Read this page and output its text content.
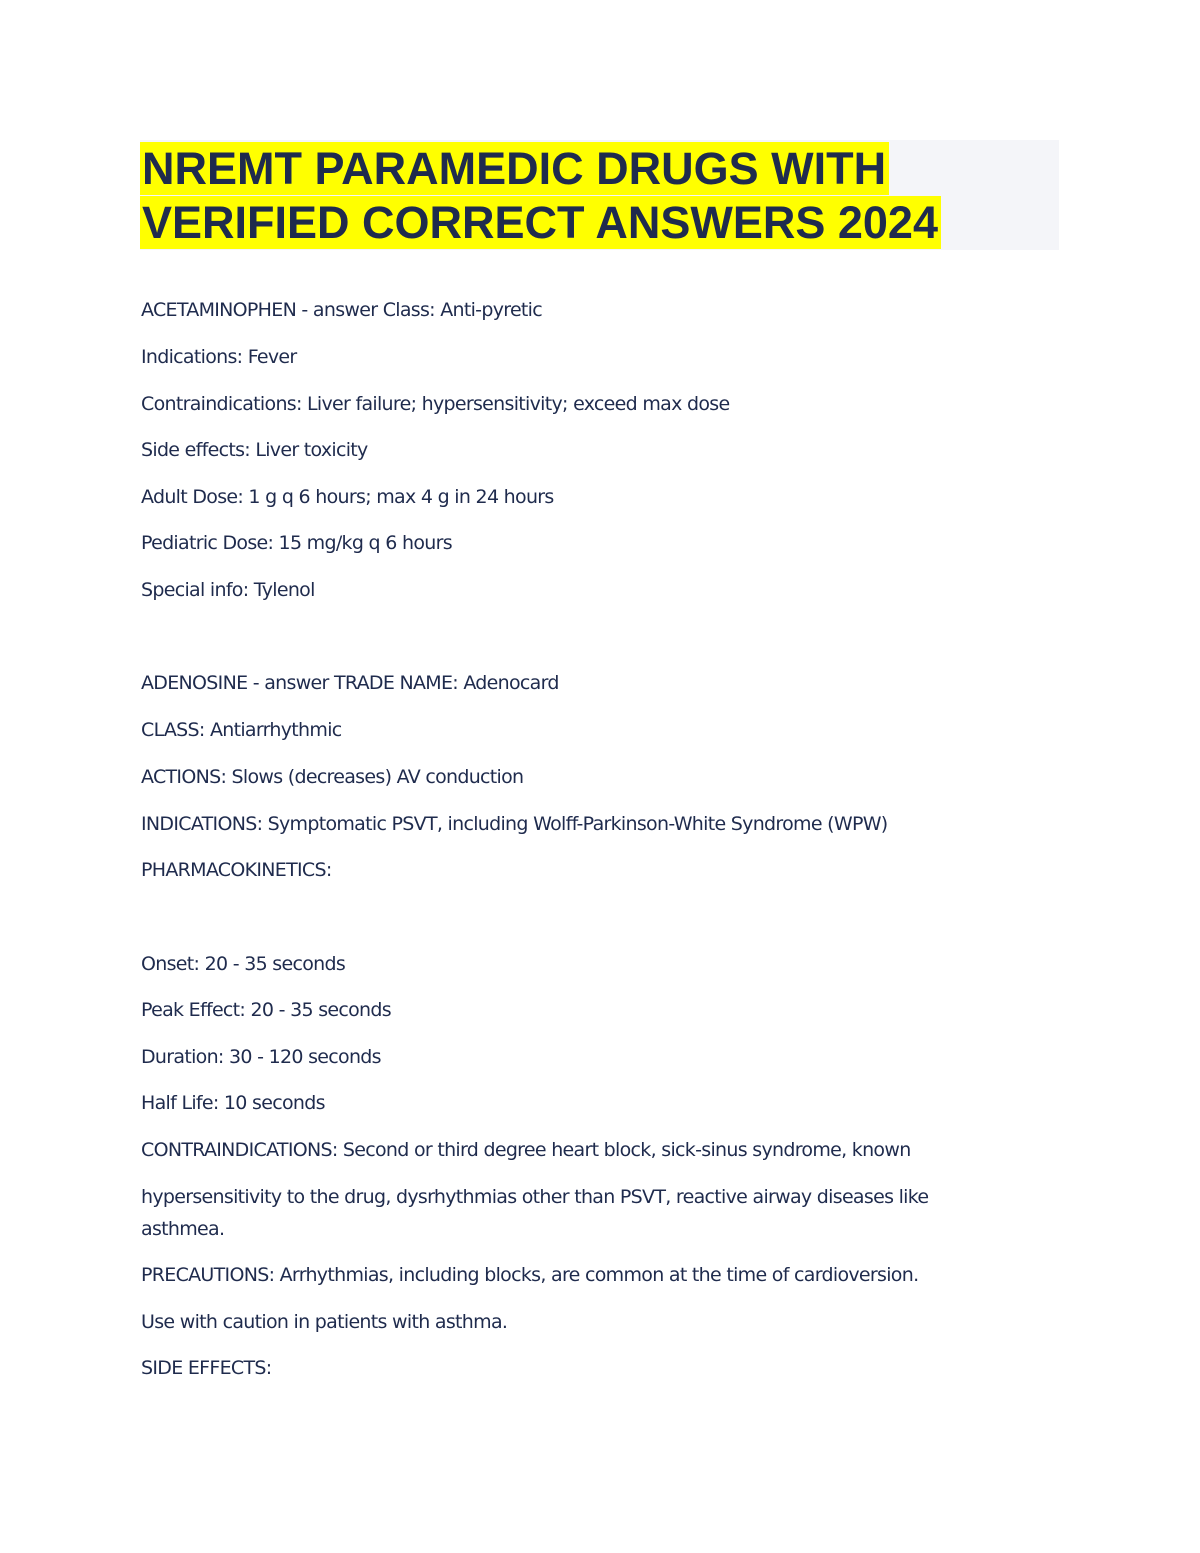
NREMT PARAMEDIC DRUGS WITH
VERIFIED CORRECT ANSWERS 2024
ACETAMINOPHEN - answer Class: Anti-pyretic
Indications: Fever
Contraindications: Liver failure; hypersensitivity; exceed max dose
Side effects: Liver toxicity
Adult Dose: 1 g q 6 hours; max 4 g in 24 hours
Pediatric Dose: 15 mg/kg q 6 hours
Special info: Tylenol
ADENOSINE - answer TRADE NAME: Adenocard
CLASS: Antiarrhythmic
ACTIONS: Slows (decreases) AV conduction
INDICATIONS: Symptomatic PSVT, including Wolff-Parkinson-White Syndrome (WPW)
PHARMACOKINETICS:
Onset: 20 - 35 seconds
Peak Effect: 20 - 35 seconds
Duration: 30 - 120 seconds
Half Life: 10 seconds
CONTRAINDICATIONS: Second or third degree heart block, sick-sinus syndrome, known
hypersensitivity to the drug, dysrhythmias other than PSVT, reactive airway diseases like
asthmea.
PRECAUTIONS: Arrhythmias, including blocks, are common at the time of cardioversion.
Use with caution in patients with asthma.
SIDE EFFECTS:
